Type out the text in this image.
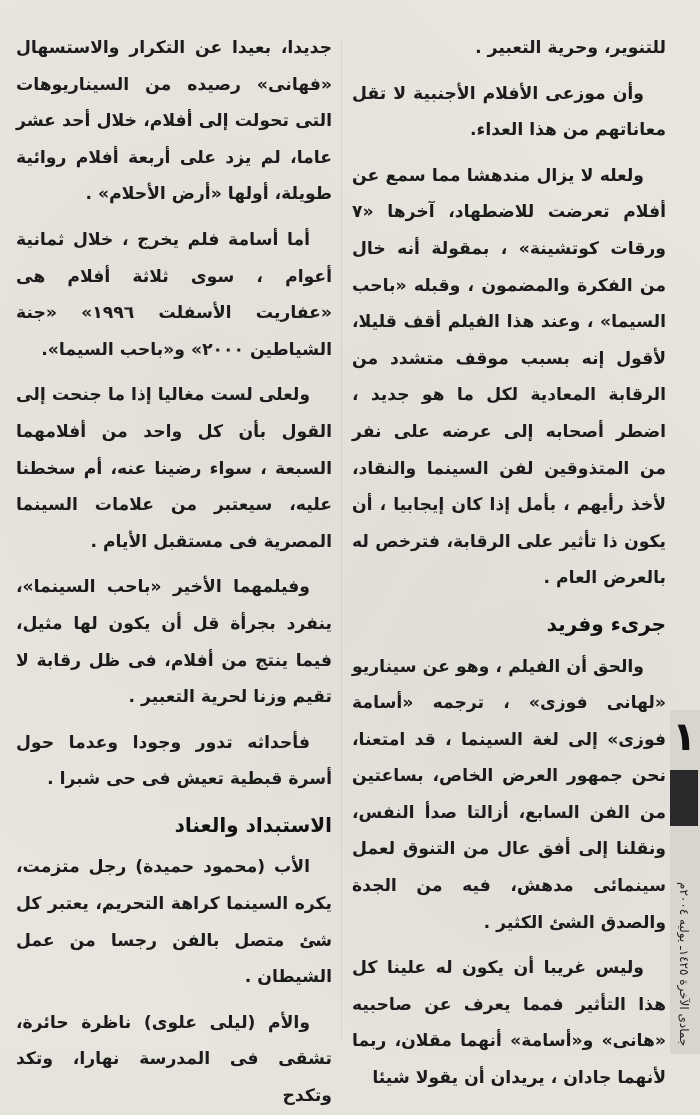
للتنوير، وحرية التعبير .

وأن موزعى الأفلام الأجنبية لا تقل معاناتهم من هذا العداء.

ولعله لا يزال مندهشا مما سمع عن أفلام تعرضت للاضطهاد، آخرها «٧ ورقات كوتشينة» ، بمقولة أنه خال من الفكرة والمضمون ، وقبله «باحب السيما» ، وعند هذا الفيلم أقف قليلا، لأقول إنه بسبب موقف متشدد من الرقابة المعادية لكل ما هو جديد ، اضطر أصحابه إلى عرضه على نفر من المتذوقين لفن السينما والنقاد، لأخذ رأيهم ، بأمل إذا كان إيجابيا ، أن يكون ذا تأثير على الرقابة، فترخص له بالعرض العام .

جرىء وفريد

والحق أن الفيلم ، وهو عن سيناريو «لهانى فوزى» ، ترجمه «أسامة فوزى» إلى لغة السينما ، قد امتعنا، نحن جمهور العرض الخاص، بساعتين من الفن السابع، أزالتا صدأ النفس، ونقلنا إلى أفق عال من التنوق لعمل سينمائى مدهش، فيه من الجدة والصدق الشئ الكثير .

وليس غريبا أن يكون له علينا كل هذا التأثير فمما يعرف عن صاحبيه «هانى» و«أسامة» أنهما مقلان، ربما لأنهما جادان ، يريدان أن يقولا شيئا

جديدا، بعيدا عن التكرار والاستسهال «فهانى» رصيده من السيناريوهات التى تحولت إلى أفلام، خلال أحد عشر عاما، لم يزد على أربعة أفلام روائية طويلة، أولها «أرض الأحلام» .

أما أسامة فلم يخرج ، خلال ثمانية أعوام ، سوى ثلاثة أفلام هى «عفاريت الأسفلت ١٩٩٦» «جنة الشياطين ٢٠٠٠» و«باحب السيما».

ولعلى لست مغاليا إذا ما جنحت إلى القول بأن كل واحد من أفلامهما السبعة ، سواء رضينا عنه، أم سخطنا عليه، سيعتبر من علامات السينما المصرية فى مستقبل الأيام .

وفيلمهما الأخير «باحب السينما»، ينفرد بجرأة قل أن يكون لها مثيل، فيما ينتج من أفلام، فى ظل رقابة لا تقيم وزنا لحرية التعبير .

فأحداثه تدور وجودا وعدما حول أسرة قبطية تعيش فى حى شبرا .

الاستبداد والعناد

الأب (محمود حميدة) رجل متزمت، يكره السينما كراهة التحريم، يعتبر كل شئ متصل بالفن رجسا من عمل الشيطان .

والأم (ليلى علوى) ناظرة حائرة، تشقى فى المدرسة نهارا، وتكد وتكدح

١
جمادى الآخرة ١٤٢٥ـ يوليه ٢٠٠٤م
